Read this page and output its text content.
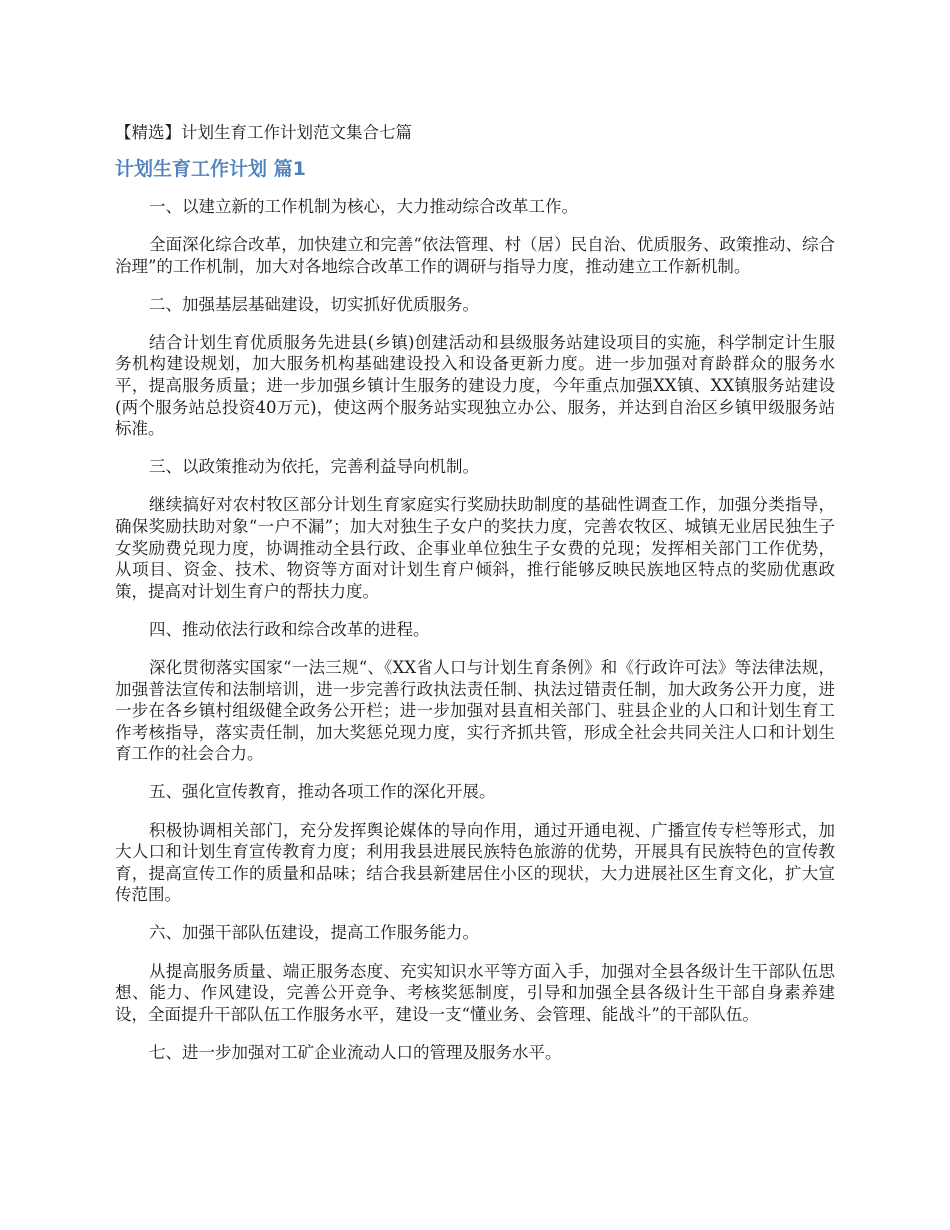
【精选】计划生育工作计划范文集合七篇
计划生育工作计划 篇1

一、以建立新的工作机制为核心，大力推动综合改革工作。

全面深化综合改革，加快建立和完善“依法管理、村（居）民自治、优质服务、政策推动、综合治理”的工作机制，加大对各地综合改革工作的调研与指导力度，推动建立工作新机制。

二、加强基层基础建设，切实抓好优质服务。

结合计划生育优质服务先进县(乡镇)创建活动和县级服务站建设项目的实施，科学制定计生服务机构建设规划，加大服务机构基础建设投入和设备更新力度。进一步加强对育龄群众的服务水平，提高服务质量；进一步加强乡镇计生服务的建设力度，今年重点加强XX镇、XX镇服务站建设(两个服务站总投资40万元)，使这两个服务站实现独立办公、服务，并达到自治区乡镇甲级服务站标准。

三、以政策推动为依托，完善利益导向机制。

继续搞好对农村牧区部分计划生育家庭实行奖励扶助制度的基础性调查工作，加强分类指导，确保奖励扶助对象“一户不漏”；加大对独生子女户的奖扶力度，完善农牧区、城镇无业居民独生子女奖励费兑现力度，协调推动全县行政、企事业单位独生子女费的兑现；发挥相关部门工作优势，从项目、资金、技术、物资等方面对计划生育户倾斜，推行能够反映民族地区特点的奖励优惠政策，提高对计划生育户的帮扶力度。

四、推动依法行政和综合改革的进程。

深化贯彻落实国家“一法三规“、《XX省人口与计划生育条例》和《行政许可法》等法律法规，加强普法宣传和法制培训，进一步完善行政执法责任制、执法过错责任制，加大政务公开力度，进一步在各乡镇村组级健全政务公开栏；进一步加强对县直相关部门、驻县企业的人口和计划生育工作考核指导，落实责任制，加大奖惩兑现力度，实行齐抓共管，形成全社会共同关注人口和计划生育工作的社会合力。

五、强化宣传教育，推动各项工作的深化开展。

积极协调相关部门，充分发挥舆论媒体的导向作用，通过开通电视、广播宣传专栏等形式，加大人口和计划生育宣传教育力度；利用我县进展民族特色旅游的优势，开展具有民族特色的宣传教育，提高宣传工作的质量和品味；结合我县新建居住小区的现状，大力进展社区生育文化，扩大宣传范围。

六、加强干部队伍建设，提高工作服务能力。

从提高服务质量、端正服务态度、充实知识水平等方面入手，加强对全县各级计生干部队伍思想、能力、作风建设，完善公开竞争、考核奖惩制度，引导和加强全县各级计生干部自身素养建设，全面提升干部队伍工作服务水平，建设一支“懂业务、会管理、能战斗”的干部队伍。

七、进一步加强对工矿企业流动人口的管理及服务水平。
